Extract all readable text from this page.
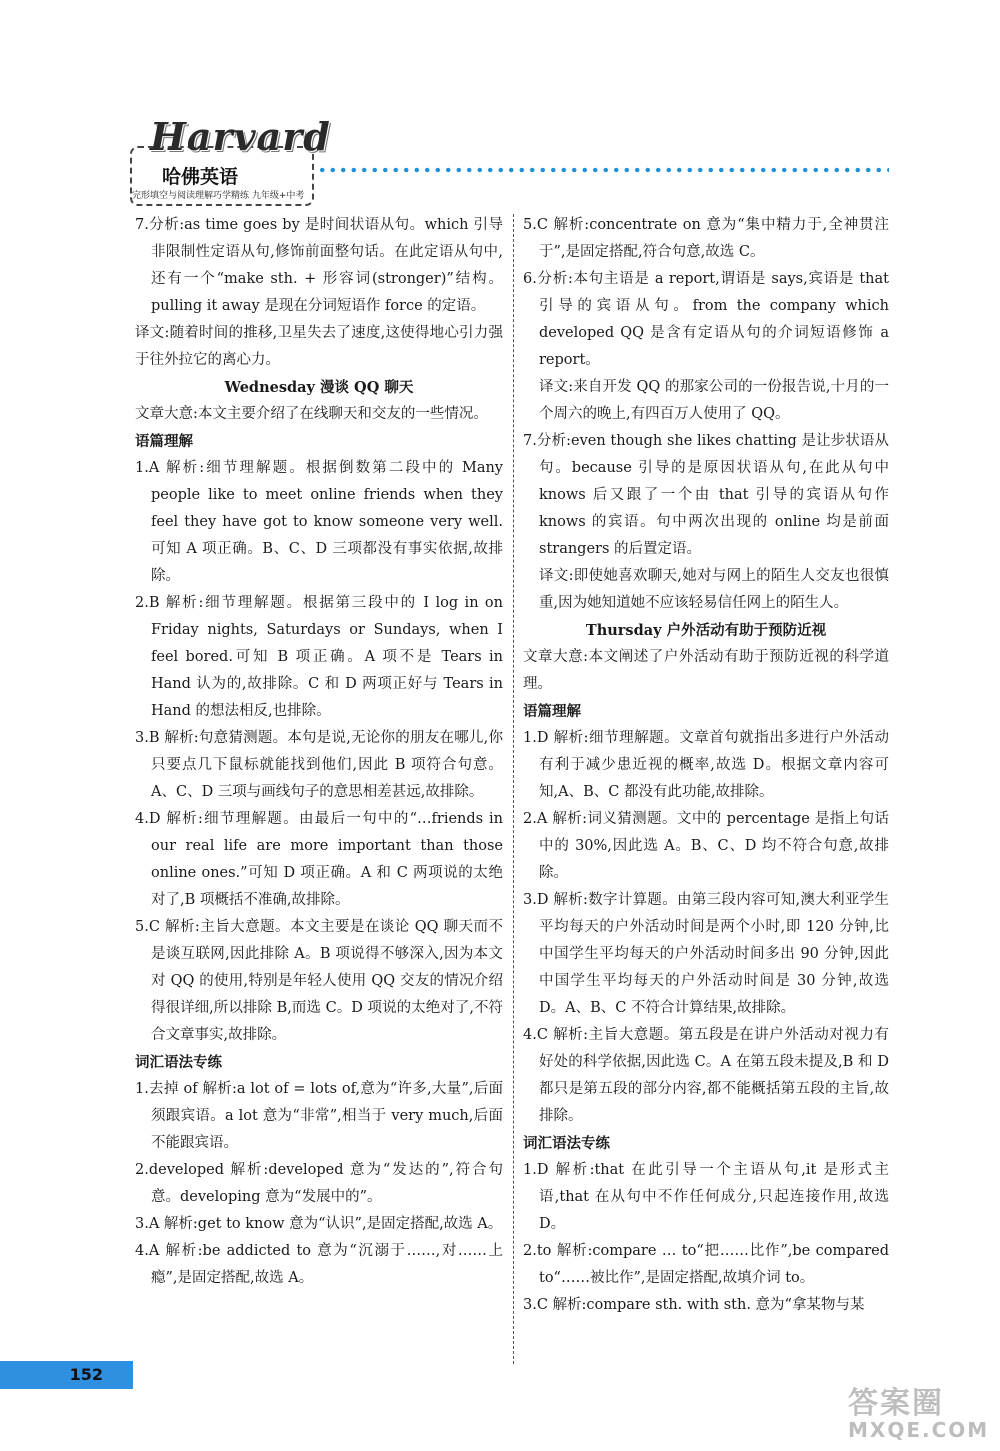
Harvard
哈佛英语
完形填空与阅读理解巧学精练 九年级+中考

7.分析:as time goes by 是时间状语从句。which 引导非限制性定语从句,修饰前面整句话。在此定语从句中,还有一个“make sth. + 形容词(stronger)”结构。pulling it away 是现在分词短语作 force 的定语。

译文:随着时间的推移,卫星失去了速度,这使得地心引力强于往外拉它的离心力。

Wednesday 漫谈 QQ 聊天

文章大意:本文主要介绍了在线聊天和交友的一些情况。

语篇理解

1.A 解析:细节理解题。根据倒数第二段中的 Many people like to meet online friends when they feel they have got to know someone very well.可知 A 项正确。B、C、D 三项都没有事实依据,故排除。

2.B 解析:细节理解题。根据第三段中的 I log in on Friday nights, Saturdays or Sundays, when I feel bored.可知 B 项正确。A 项不是 Tears in Hand 认为的,故排除。C 和 D 两项正好与 Tears in Hand 的想法相反,也排除。

3.B 解析:句意猜测题。本句是说,无论你的朋友在哪儿,你只要点几下鼠标就能找到他们,因此 B 项符合句意。A、C、D 三项与画线句子的意思相差甚远,故排除。

4.D 解析:细节理解题。由最后一句中的“…friends in our real life are more important than those online ones.”可知 D 项正确。A 和 C 两项说的太绝对了,B 项概括不准确,故排除。

5.C 解析:主旨大意题。本文主要是在谈论 QQ 聊天而不是谈互联网,因此排除 A。B 项说得不够深入,因为本文对 QQ 的使用,特别是年轻人使用 QQ 交友的情况介绍得很详细,所以排除 B,而选 C。D 项说的太绝对了,不符合文章事实,故排除。

词汇语法专练

1.去掉 of 解析:a lot of = lots of,意为“许多,大量”,后面须跟宾语。a lot 意为“非常”,相当于 very much,后面不能跟宾语。

2.developed 解析:developed 意为“发达的”,符合句意。developing 意为“发展中的”。

3.A 解析:get to know 意为“认识”,是固定搭配,故选 A。

4.A 解析:be addicted to 意为“沉溺于……,对……上瘾”,是固定搭配,故选 A。

5.C 解析:concentrate on 意为“集中精力于,全神贯注于”,是固定搭配,符合句意,故选 C。

6.分析:本句主语是 a report,谓语是 says,宾语是 that 引导的宾语从句。from the company which developed QQ 是含有定语从句的介词短语修饰 a report。

译文:来自开发 QQ 的那家公司的一份报告说,十月的一个周六的晚上,有四百万人使用了 QQ。

7.分析:even though she likes chatting 是让步状语从句。because 引导的是原因状语从句,在此从句中 knows 后又跟了一个由 that 引导的宾语从句作 knows 的宾语。句中两次出现的 online 均是前面 strangers 的后置定语。

译文:即使她喜欢聊天,她对与网上的陌生人交友也很慎重,因为她知道她不应该轻易信任网上的陌生人。

Thursday 户外活动有助于预防近视

文章大意:本文阐述了户外活动有助于预防近视的科学道理。

语篇理解

1.D 解析:细节理解题。文章首句就指出多进行户外活动有利于减少患近视的概率,故选 D。根据文章内容可知,A、B、C 都没有此功能,故排除。

2.A 解析:词义猜测题。文中的 percentage 是指上句话中的 30%,因此选 A。B、C、D 均不符合句意,故排除。

3.D 解析:数字计算题。由第三段内容可知,澳大利亚学生平均每天的户外活动时间是两个小时,即 120 分钟,比中国学生平均每天的户外活动时间多出 90 分钟,因此中国学生平均每天的户外活动时间是 30 分钟,故选 D。A、B、C 不符合计算结果,故排除。

4.C 解析:主旨大意题。第五段是在讲户外活动对视力有好处的科学依据,因此选 C。A 在第五段未提及,B 和 D 都只是第五段的部分内容,都不能概括第五段的主旨,故排除。

词汇语法专练

1.D 解析:that 在此引导一个主语从句,it 是形式主语,that 在从句中不作任何成分,只起连接作用,故选 D。

2.to 解析:compare … to“把……比作”,be compared to“……被比作”,是固定搭配,故填介词 to。

3.C 解析:compare sth. with sth. 意为“拿某物与某

152
答案圈
MXQE.COM
